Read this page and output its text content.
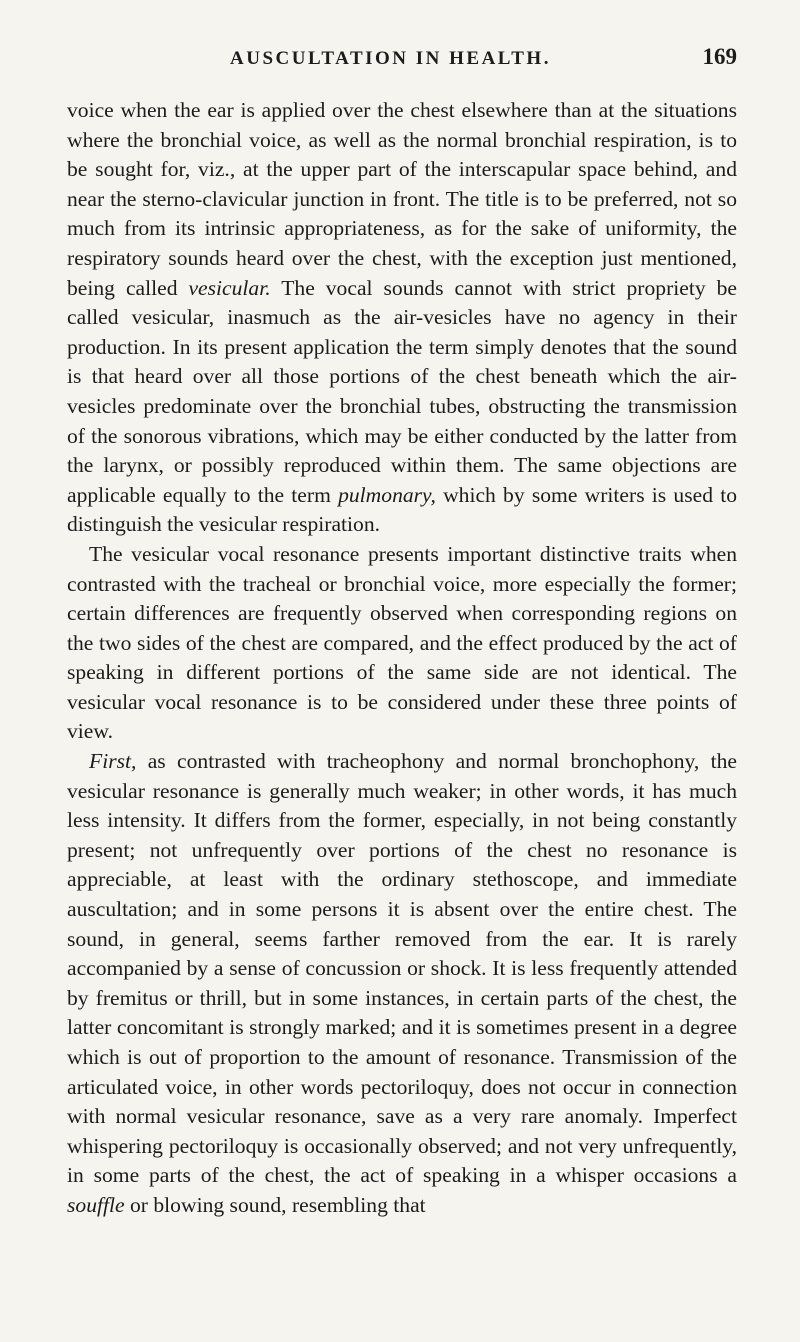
AUSCULTATION IN HEALTH.	169

voice when the ear is applied over the chest elsewhere than at the situations where the bronchial voice, as well as the normal bronchial respiration, is to be sought for, viz., at the upper part of the interscapular space behind, and near the sterno-clavicular junction in front. The title is to be preferred, not so much from its intrinsic appropriateness, as for the sake of uniformity, the respiratory sounds heard over the chest, with the exception just mentioned, being called vesicular. The vocal sounds cannot with strict propriety be called vesicular, inasmuch as the air-vesicles have no agency in their production. In its present application the term simply denotes that the sound is that heard over all those portions of the chest beneath which the air-vesicles predominate over the bronchial tubes, obstructing the transmission of the sonorous vibrations, which may be either conducted by the latter from the larynx, or possibly reproduced within them. The same objections are applicable equally to the term pulmonary, which by some writers is used to distinguish the vesicular respiration.

The vesicular vocal resonance presents important distinctive traits when contrasted with the tracheal or bronchial voice, more especially the former; certain differences are frequently observed when corresponding regions on the two sides of the chest are compared, and the effect produced by the act of speaking in different portions of the same side are not identical. The vesicular vocal resonance is to be considered under these three points of view.

First, as contrasted with tracheophony and normal bronchophony, the vesicular resonance is generally much weaker; in other words, it has much less intensity. It differs from the former, especially, in not being constantly present; not unfrequently over portions of the chest no resonance is appreciable, at least with the ordinary stethoscope, and immediate auscultation; and in some persons it is absent over the entire chest. The sound, in general, seems farther removed from the ear. It is rarely accompanied by a sense of concussion or shock. It is less frequently attended by fremitus or thrill, but in some instances, in certain parts of the chest, the latter concomitant is strongly marked; and it is sometimes present in a degree which is out of proportion to the amount of resonance. Transmission of the articulated voice, in other words pectoriloquy, does not occur in connection with normal vesicular resonance, save as a very rare anomaly. Imperfect whispering pectoriloquy is occasionally observed; and not very unfrequently, in some parts of the chest, the act of speaking in a whisper occasions a souffle or blowing sound, resembling that
